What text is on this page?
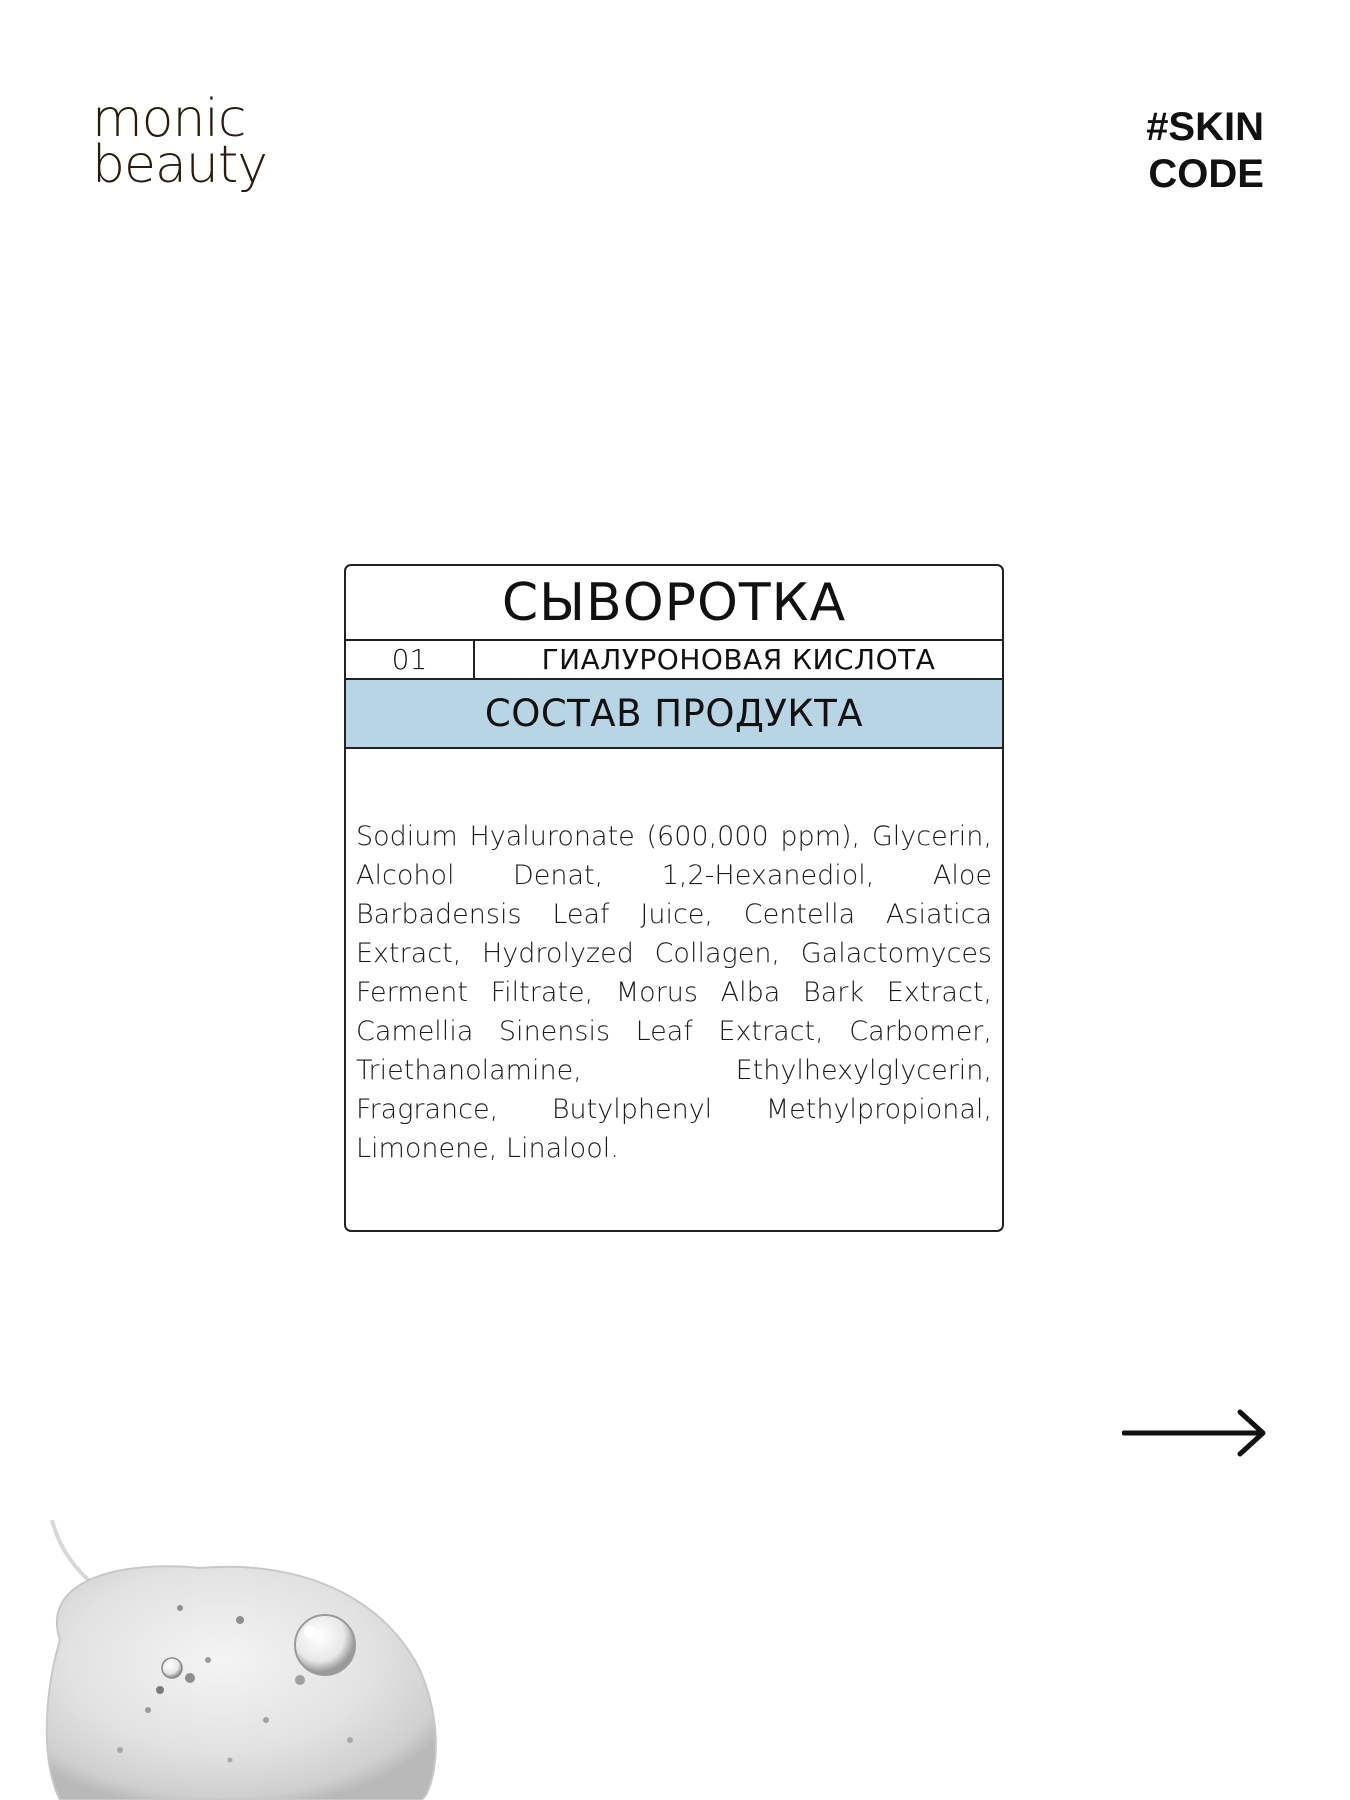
monic
beauty
#SKIN
CODE
СЫВОРОТКА
01	ГИАЛУРОНОВАЯ КИСЛОТА
СОСТАВ ПРОДУКТА
Sodium Hyaluronate (600,000 ppm), Glycerin, Alcohol Denat, 1,2-Hexanediol, Aloe Barbadensis Leaf Juice, Centella Asiatica Extract, Hydrolyzed Collagen, Galactomyces Ferment Filtrate, Morus Alba Bark Extract, Camellia Sinensis Leaf Extract, Carbomer, Triethanolamine, Ethylhexylglycerin, Fragrance, Butylphenyl Methylpropional, Limonene, Linalool.
